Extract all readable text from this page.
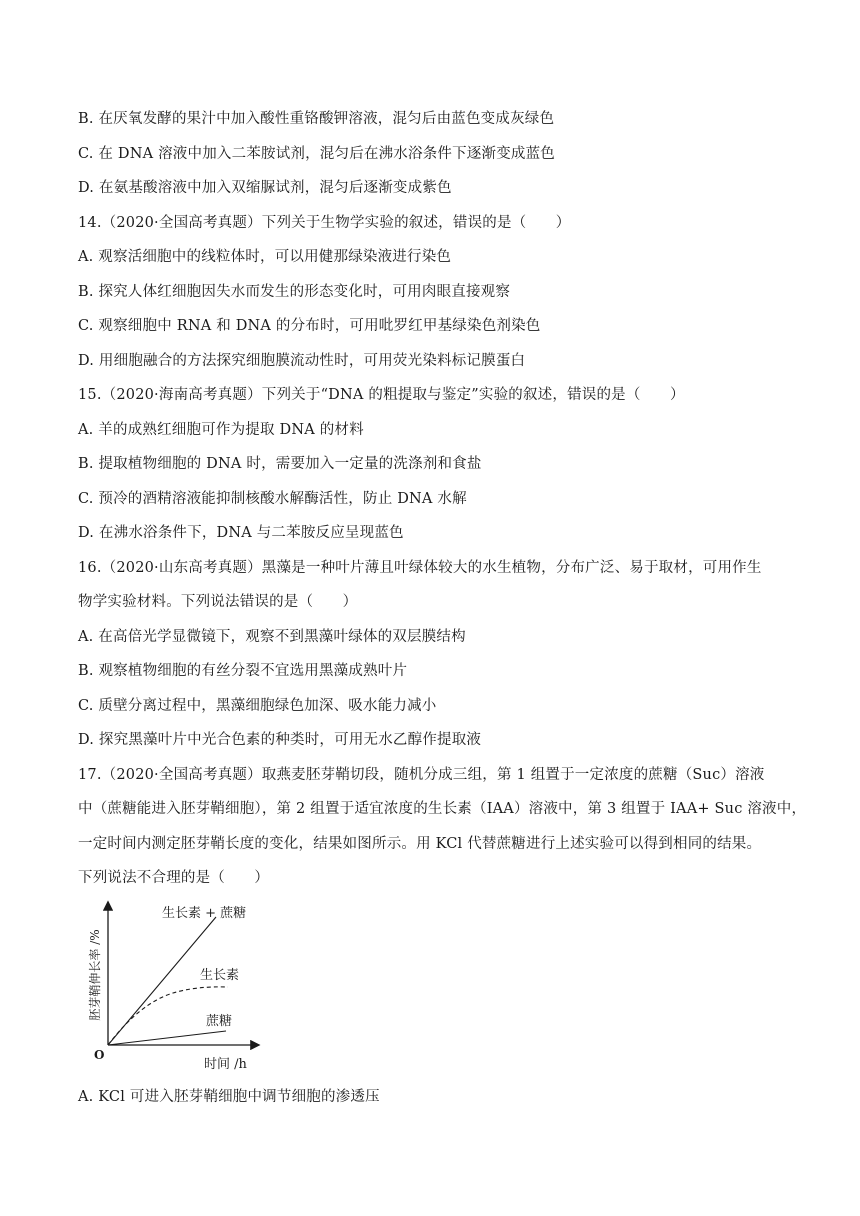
B. 在厌氧发酵的果汁中加入酸性重铬酸钾溶液，混匀后由蓝色变成灰绿色
C. 在 DNA 溶液中加入二苯胺试剂，混匀后在沸水浴条件下逐渐变成蓝色
D. 在氨基酸溶液中加入双缩脲试剂，混匀后逐渐变成紫色
14.（2020·全国高考真题）下列关于生物学实验的叙述，错误的是（　　）
A. 观察活细胞中的线粒体时，可以用健那绿染液进行染色
B. 探究人体红细胞因失水而发生的形态变化时，可用肉眼直接观察
C. 观察细胞中 RNA 和 DNA 的分布时，可用吡罗红甲基绿染色剂染色
D. 用细胞融合的方法探究细胞膜流动性时，可用荧光染料标记膜蛋白
15.（2020·海南高考真题）下列关于“DNA 的粗提取与鉴定”实验的叙述，错误的是（　　）
A. 羊的成熟红细胞可作为提取 DNA 的材料
B. 提取植物细胞的 DNA 时，需要加入一定量的洗涤剂和食盐
C. 预冷的酒精溶液能抑制核酸水解酶活性，防止 DNA 水解
D. 在沸水浴条件下，DNA 与二苯胺反应呈现蓝色
16.（2020·山东高考真题）黑藻是一种叶片薄且叶绿体较大的水生植物，分布广泛、易于取材，可用作生
物学实验材料。下列说法错误的是（　　）
A. 在高倍光学显微镜下，观察不到黑藻叶绿体的双层膜结构
B. 观察植物细胞的有丝分裂不宜选用黑藻成熟叶片
C. 质壁分离过程中，黑藻细胞绿色加深、吸水能力减小
D. 探究黑藻叶片中光合色素的种类时，可用无水乙醇作提取液
17.（2020·全国高考真题）取燕麦胚芽鞘切段，随机分成三组，第 1 组置于一定浓度的蔗糖（Suc）溶液
中（蔗糖能进入胚芽鞘细胞），第 2 组置于适宜浓度的生长素（IAA）溶液中，第 3 组置于 IAA+ Suc 溶液中，
一定时间内测定胚芽鞘长度的变化，结果如图所示。用 KCl 代替蔗糖进行上述实验可以得到相同的结果。
下列说法不合理的是（　　）
胚芽鞘伸长率 /%
时间 /h
O
生长素 + 蔗糖
生长素
蔗糖
A. KCl 可进入胚芽鞘细胞中调节细胞的渗透压
